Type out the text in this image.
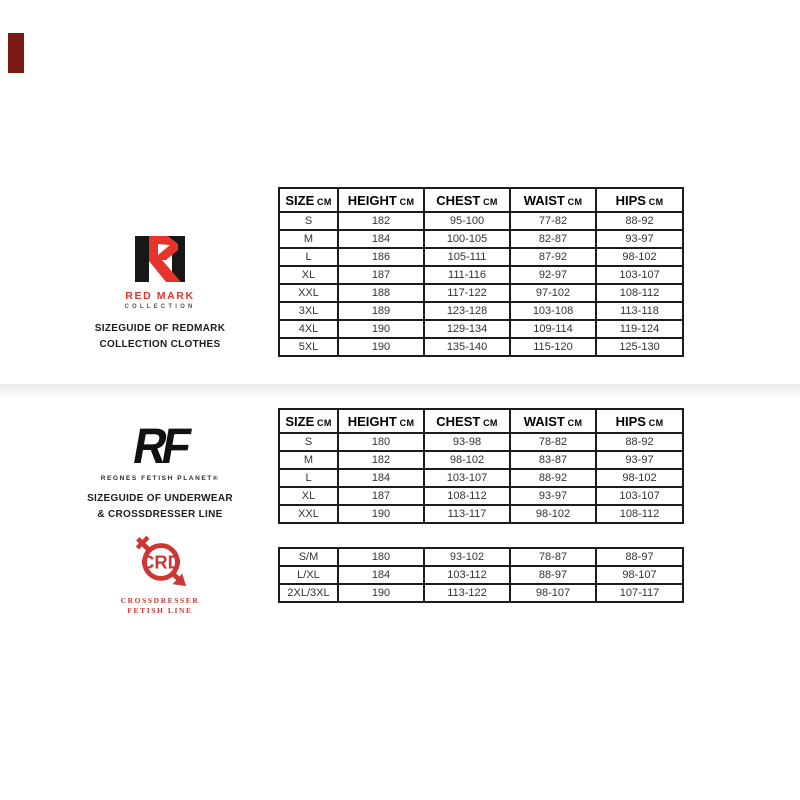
RED MARK
COLLECTION
SIZEGUIDE OF REDMARK
COLLECTION CLOTHES
SIZE CM	HEIGHT CM	CHEST CM	WAIST CM	HIPS CM
S	182	95-100	77-82	88-92
M	184	100-105	82-87	93-97
L	186	105-111	87-92	98-102
XL	187	111-116	92-97	103-107
XXL	188	117-122	97-102	108-112
3XL	189	123-128	103-108	113-118
4XL	190	129-134	109-114	119-124
5XL	190	135-140	115-120	125-130
RF
REGNES FETISH PLANET®
SIZEGUIDE OF UNDERWEAR
& CROSSDRESSER LINE
SIZE CM	HEIGHT CM	CHEST CM	WAIST CM	HIPS CM
S	180	93-98	78-82	88-92
M	182	98-102	83-87	93-97
L	184	103-107	88-92	98-102
XL	187	108-112	93-97	103-107
XXL	190	113-117	98-102	108-112
S/M	180	93-102	78-87	88-97
L/XL	184	103-112	88-97	98-107
2XL/3XL	190	113-122	98-107	107-117
CRD
CROSSDRESSER
FETISH LINE
